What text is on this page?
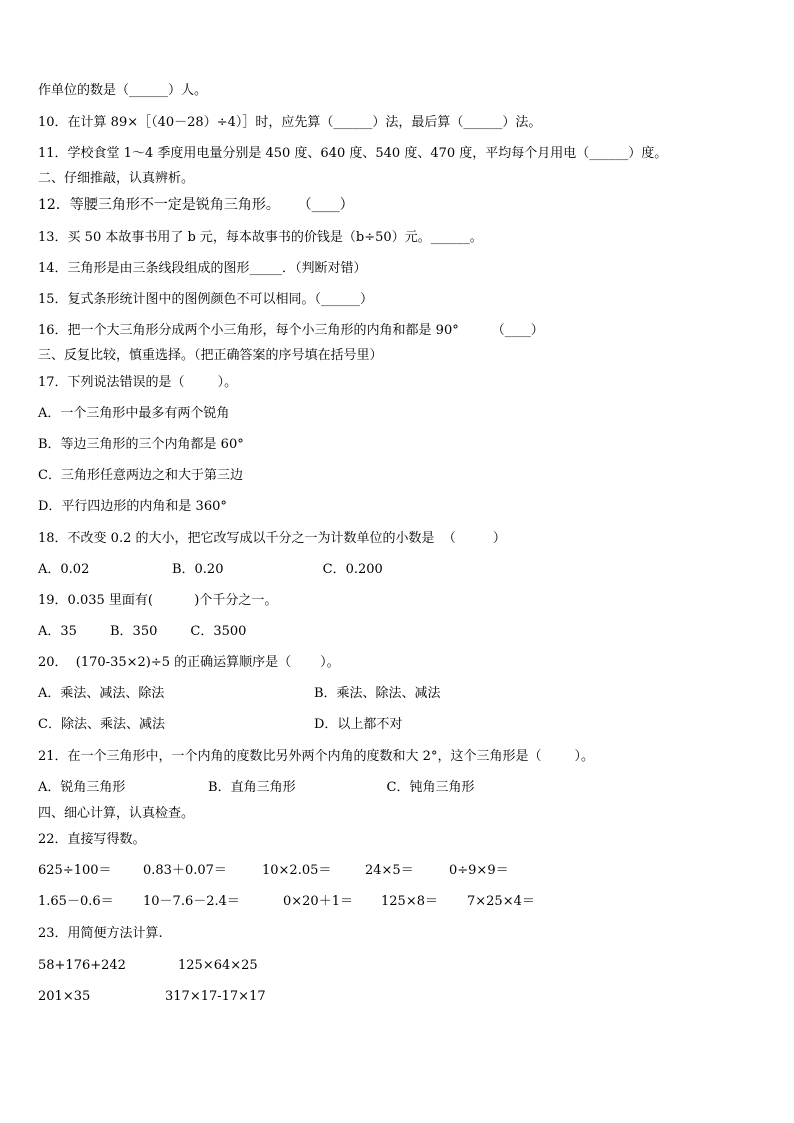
作单位的数是（______）人。
10．在计算 89×［（40－28）÷4）］时，应先算（______）法，最后算（______）法。
11．学校食堂 1～4 季度用电量分别是 450 度、640 度、540 度、470 度，平均每个月用电（______）度。
二、仔细推敲，认真辨析。
12．等腰三角形不一定是锐角三角形。    （____）
13．买 50 本故事书用了 b 元，每本故事书的价钱是（b÷50）元。______。
14．三角形是由三条线段组成的图形_____．（判断对错）
15．复式条形统计图中的图例颜色不可以相同。（______）
16．把一个大三角形分成两个小三角形，每个小三角形的内角和都是 90°        （____）
三、反复比较，慎重选择。（把正确答案的序号填在括号里）
17．下列说法错误的是（        ）。
A．一个三角形中最多有两个锐角
B．等边三角形的三个内角都是 60°
C．三角形任意两边之和大于第三边
D．平行四边形的内角和是 360°
18．不改变 0.2 的大小，把它改写成以千分之一为计数单位的小数是  （         ）
A．0.02                    B．0.20                        C．0.200
19．0.035 里面有(          )个千分之一。
A．35        B．350        C．3500
20．  (170-35×2)÷5 的正确运算顺序是（       ）。
A．乘法、减法、除法	B．乘法、除法、减法
C．除法、乘法、减法	D．以上都不对
21．在一个三角形中，一个内角的度数比另外两个内角的度数和大 2°，这个三角形是（        ）。
A．锐角三角形                    B．直角三角形                      C．钝角三角形
四、细心计算，认真检查。
22．直接写得数。
625÷100＝ 0.83＋0.07＝	10×2.05＝	24×5＝	0÷9×9＝
1.65－0.6＝ 10－7.6－2.4＝	0×20＋1＝ 125×8＝ 7×25×4＝
23．用简便方法计算.
58+176+242	125×64×25
201×35	317×17-17×17
